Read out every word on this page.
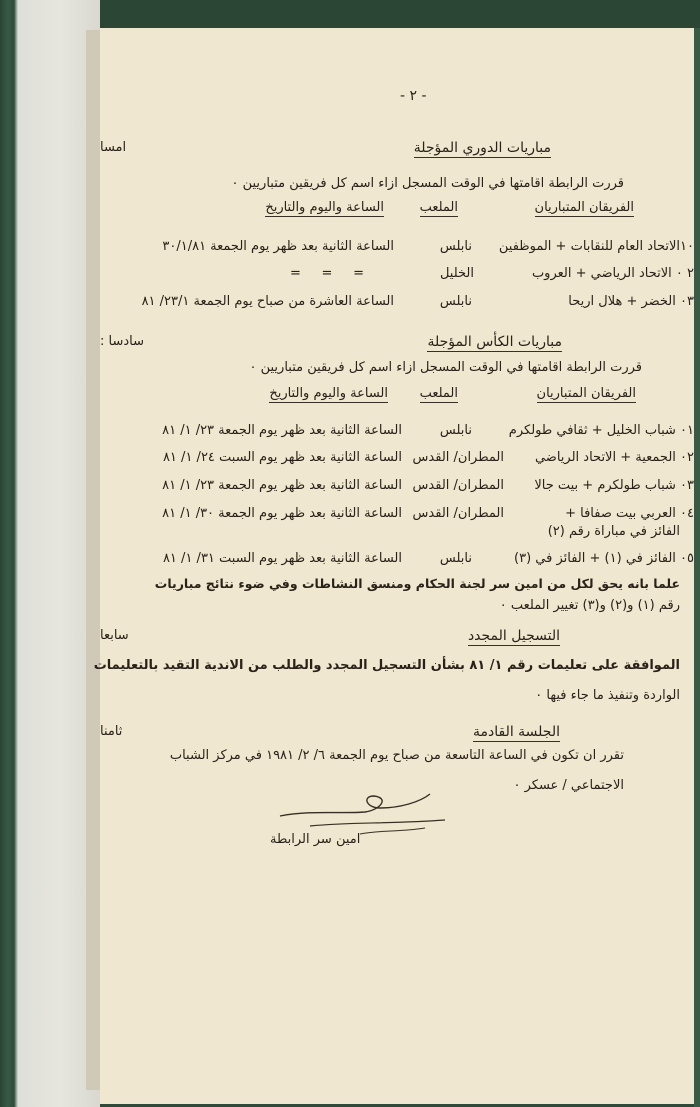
- ٢ -
امسا
سادسا :
سابعا
ثامنا
مباريات الدوري المؤجلة
قررت الرابطة اقامتها في الوقت المسجل ازاء اسم كل فريقين متباريين ٠
الفريقان المتباريان
الملعب
الساعة واليوم والتاريخ
١٠الاتحاد العام للنقابات + الموظفين
نابلس
الساعة الثانية بعد ظهر يوم الجمعة ٣٠/١/٨١
٢ ٠ الاتحاد الرياضي + العروب
الخليل
=     =     =
٠٣ الخضر + هلال اريحا
نابلس
الساعة العاشرة من صباح يوم الجمعة ٢٣/١/ ٨١
مباريات الكأس المؤجلة
قررت الرابطة اقامتها في الوقت المسجل ازاء اسم كل فريقين متباريين ٠
الفريقان المتباريان
الملعب
الساعة واليوم والتاريخ
٠١ شباب الخليل + ثقافي طولكرم
نابلس
الساعة الثانية بعد ظهر يوم الجمعة ٢٣/ ١/ ٨١
٠٢ الجمعية + الاتحاد الرياضي
المطران/ القدس
الساعة الثانية بعد ظهر يوم السبت ٢٤/ ١/ ٨١
٠٣ شباب طولكرم + بيت جالا
المطران/ القدس
الساعة الثانية بعد ظهر يوم الجمعة ٢٣/ ١/ ٨١
٠٤ العربي بيت صفافا +
الفائز في مباراة رقم (٢)
المطران/ القدس
الساعة الثانية بعد ظهر يوم الجمعة ٣٠/ ١/ ٨١
٠٥ الفائز في (١) + الفائز في (٣)
نابلس
الساعة الثانية بعد ظهر يوم السبت ٣١/ ١/ ٨١
علما بانه يحق لكل من امين سر لجنة الحكام ومنسق النشاطات وفي ضوء نتائج مباريات
رقم (١) و(٢) و(٣) تغيير الملعب ٠
التسجيل المجدد
الموافقة على تعليمات رقم ١/ ٨١ بشأن التسجيل المجدد والطلب من الاندية التقيد بالتعليمات
الواردة وتنفيذ ما جاء فيها ٠
الجلسة القادمة
تقرر ان تكون في الساعة التاسعة من صباح يوم الجمعة ٦/ ٢/ ١٩٨١ في مركز الشباب
الاجتماعي / عسكر ٠
امين سر الرابطة
